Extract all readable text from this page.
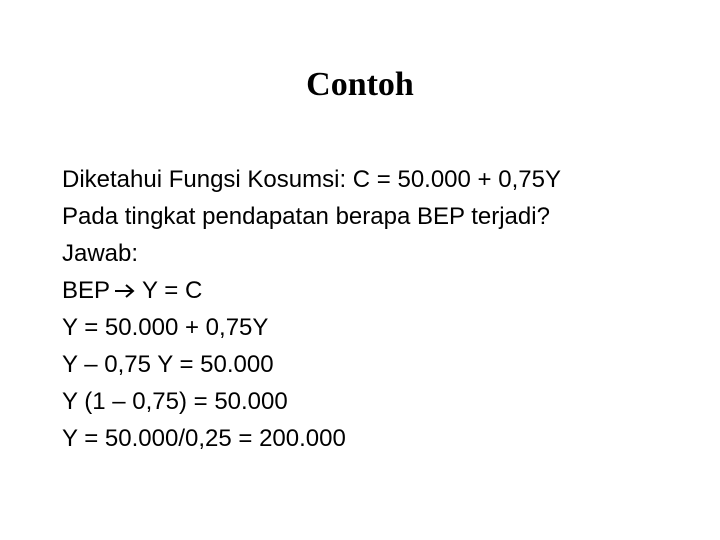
Contoh
Diketahui Fungsi Kosumsi: C = 50.000 + 0,75Y
Pada tingkat pendapatan berapa BEP terjadi?
Jawab:
BEP Y = C
Y = 50.000 + 0,75Y
Y – 0,75 Y = 50.000
Y (1 – 0,75) = 50.000
Y = 50.000/0,25 = 200.000
